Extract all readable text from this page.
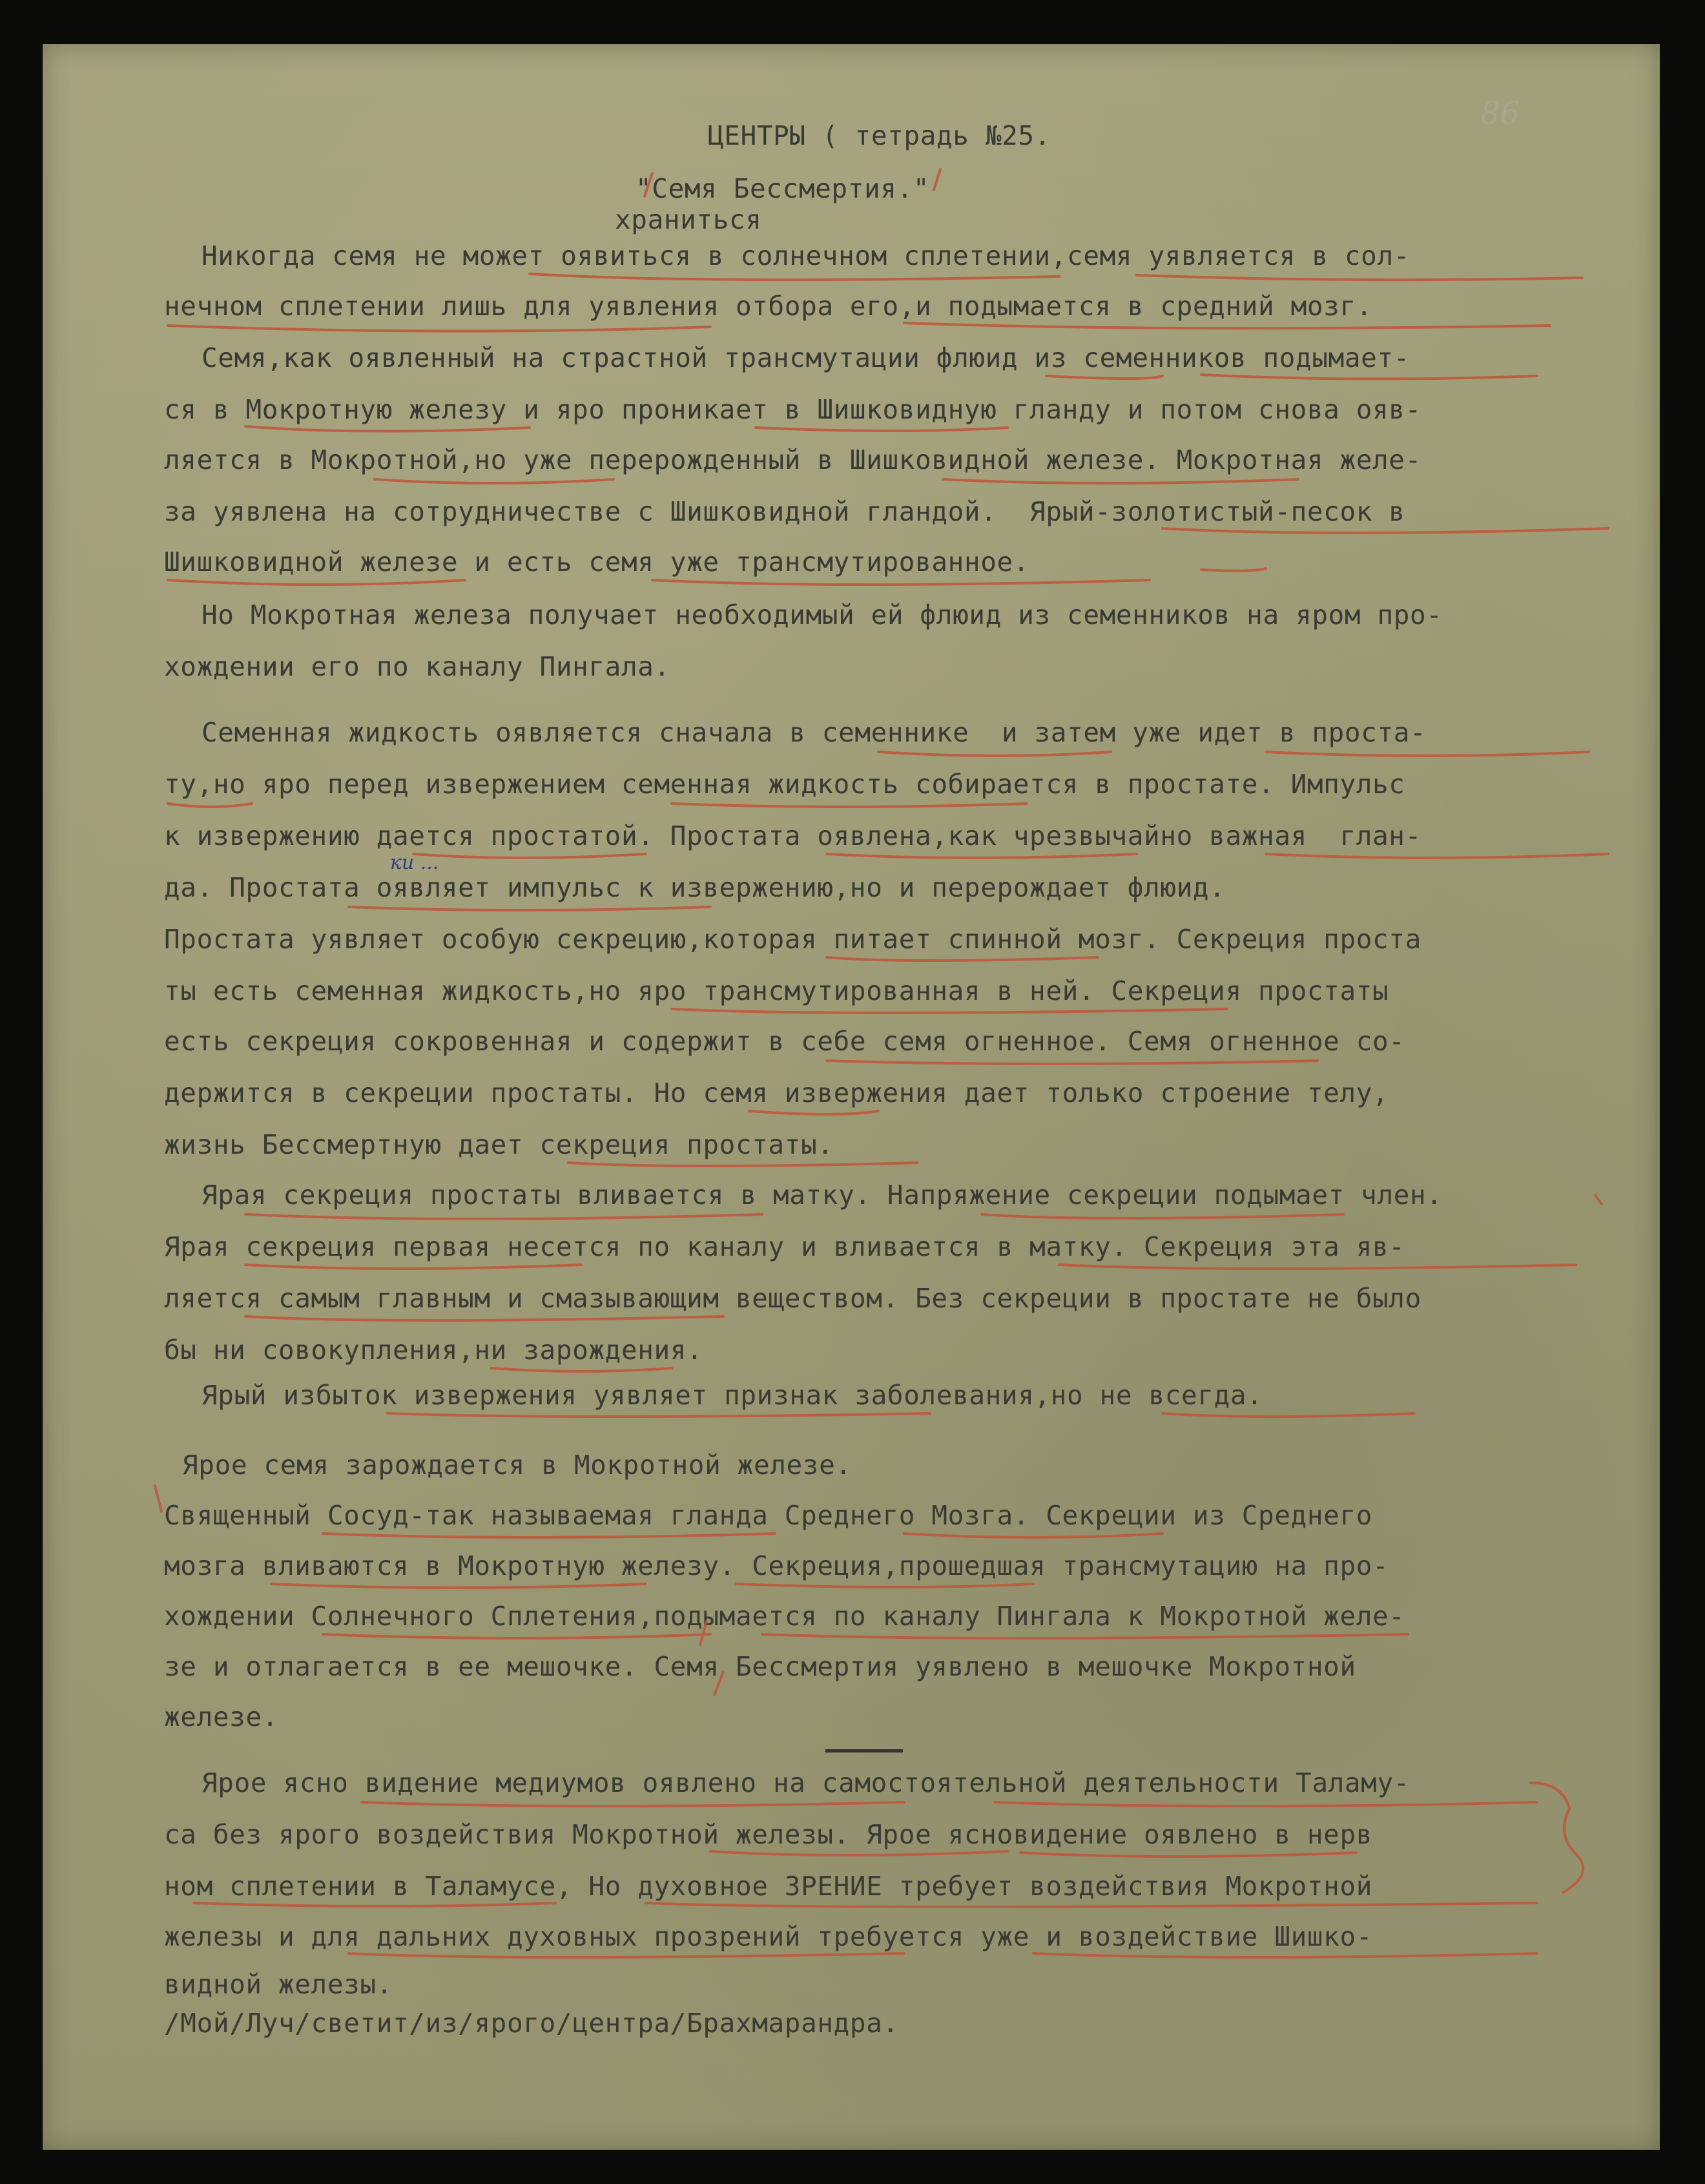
86
ЦЕНТРЫ ( тетрадь №25.
"Семя Бессмертия."
храниться
Никогда семя не может оявиться в солнечном сплетении,семя уявляется в сол-
нечном сплетении лишь для уявления отбора его,и подымается в средний мозг.
Семя,как оявленный на страстной трансмутации флюид из семенников подымает-
ся в Мокротную железу и яро проникает в Шишковидную гланду и потом снова ояв-
ляется в Мокротной,но уже перерожденный в Шишковидной железе. Мокротная желе-
за уявлена на сотрудничестве с Шишковидной гландой.  Ярый-золотистый-песок в
Шишковидной железе и есть семя уже трансмутированное.
Но Мокротная железа получает необходимый ей флюид из семенников на яром про-
хождении его по каналу Пингала.
Семенная жидкость оявляется сначала в семеннике  и затем уже идет в проста-
ту,но яро перед извержением семенная жидкость собирается в простате. Импульс
к извержению дается простатой. Простата оявлена,как чрезвычайно важная  глан-
да. Простата оявляет импульс к извержению,но и перерождает флюид.
ки ...
Простата уявляет особую секрецию,которая питает спинной мозг. Секреция проста
ты есть семенная жидкость,но яро трансмутированная в ней. Секреция простаты
есть секреция сокровенная и содержит в себе семя огненное. Семя огненное со-
держится в секреции простаты. Но семя извержения дает только строение телу,
жизнь Бессмертную дает секреция простаты.
Ярая секреция простаты вливается в матку. Напряжение секреции подымает член.
Ярая секреция первая несется по каналу и вливается в матку. Секреция эта яв-
ляется самым главным и смазывающим веществом. Без секреции в простате не было
бы ни совокупления,ни зарождения.
Ярый избыток извержения уявляет признак заболевания,но не всегда.
Ярое семя зарождается в Мокротной железе.
Священный Сосуд-так называемая гланда Среднего Мозга. Секреции из Среднего
мозга вливаются в Мокротную железу. Секреция,прошедшая трансмутацию на про-
хождении Солнечного Сплетения,подымается по каналу Пингала к Мокротной желе-
зе и отлагается в ее мешочке. Семя Бессмертия уявлено в мешочке Мокротной
железе.
Ярое ясно видение медиумов оявлено на самостоятельной деятельности Таламу-
са без ярого воздействия Мокротной железы. Ярое ясновидение оявлено в нерв
ном сплетении в Таламусе, Но духовное ЗРЕНИЕ требует воздействия Мокротной
железы и для дальних духовных прозрений требуется уже и воздействие Шишко-
видной железы.
/Мой/Луч/светит/из/ярого/центра/Брахмарандра.
